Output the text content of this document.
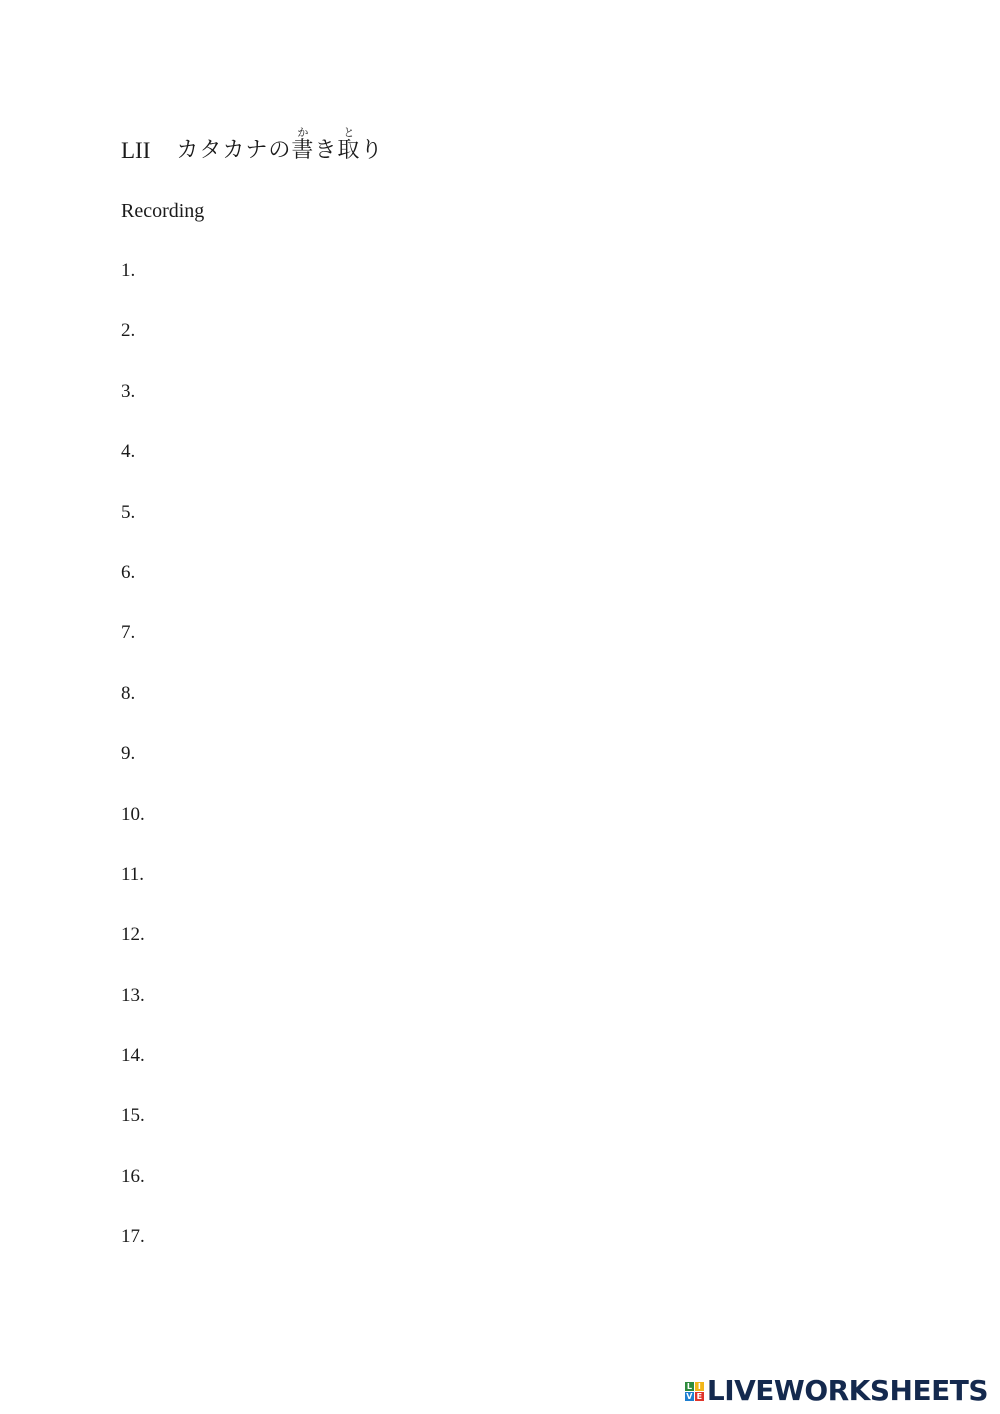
LII カタカナの書かき取とり
Recording
1.
2.
3.
4.
5.
6.
7.
8.
9.
10.
11.
12.
13.
14.
15.
16.
17.
L I
V E LIVEWORKSHEETS
